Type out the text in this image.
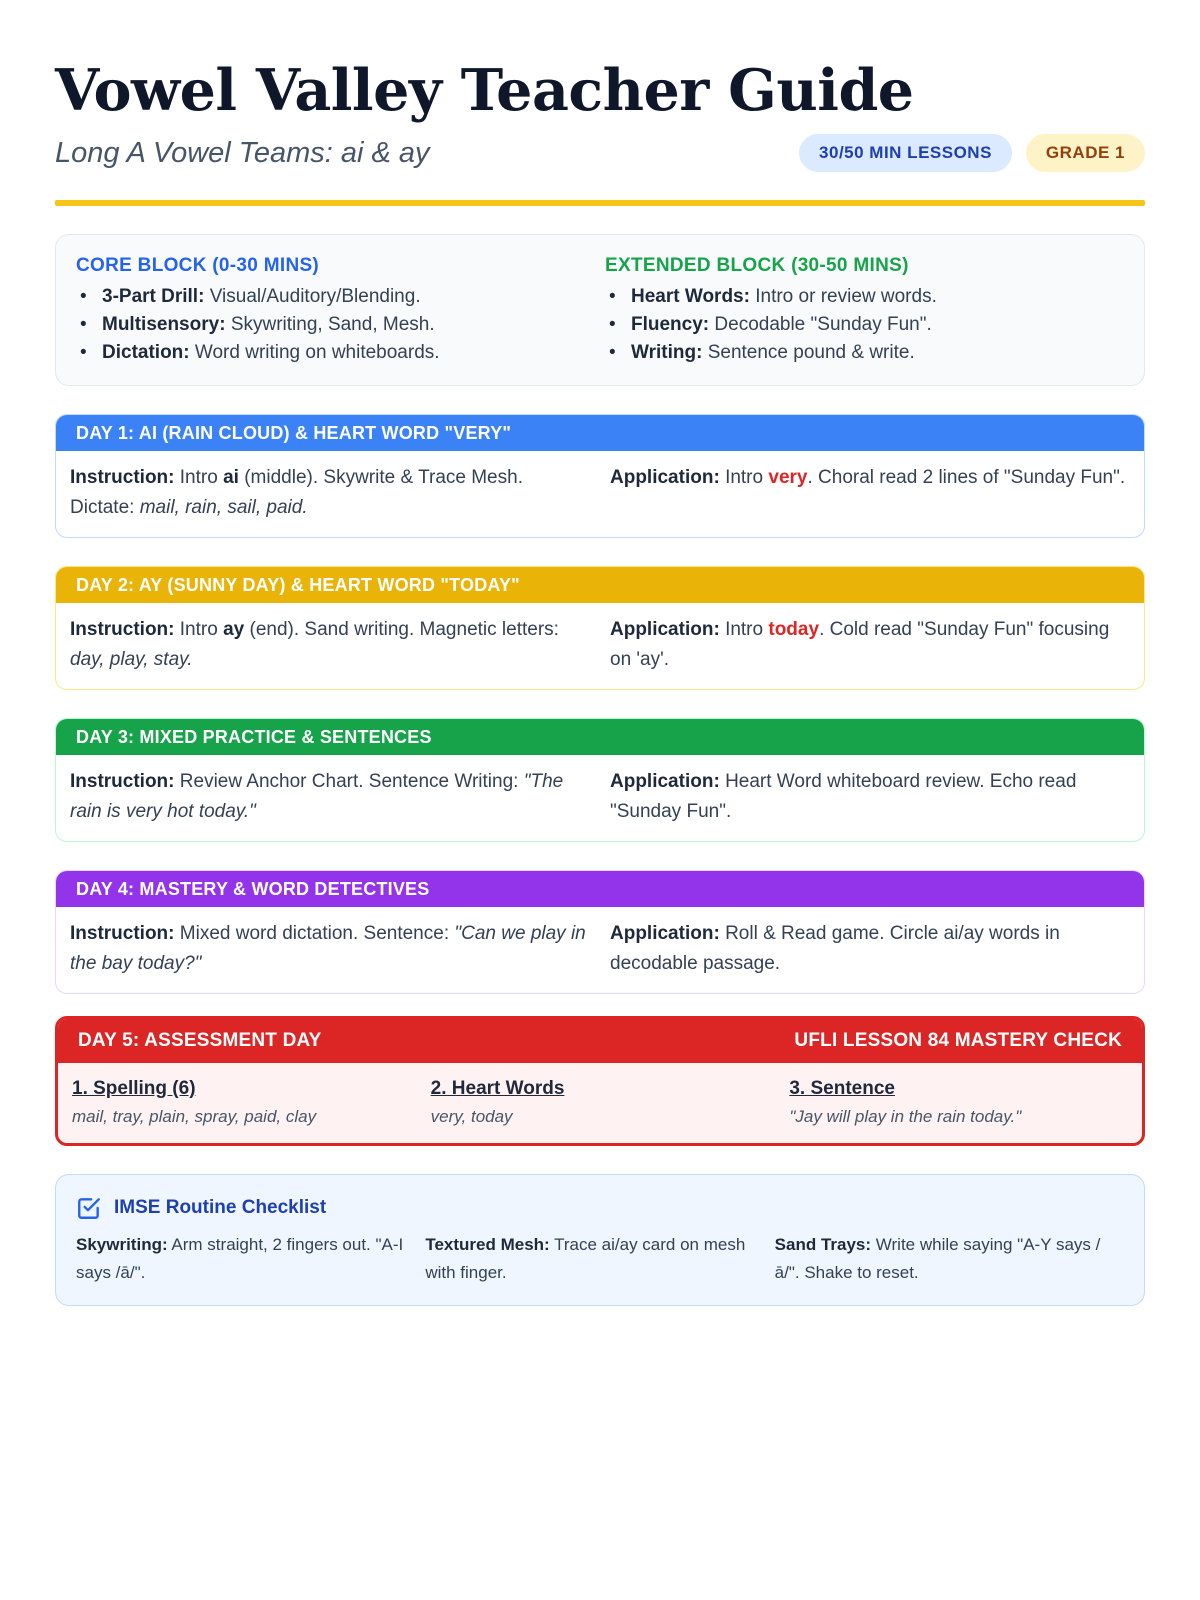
Vowel Valley Teacher Guide
Long A Vowel Teams: ai & ay	30/50 MIN LESSONS	GRADE 1
CORE BLOCK (0-30 MINS)
• 3-Part Drill: Visual/Auditory/Blending.
• Multisensory: Skywriting, Sand, Mesh.
• Dictation: Word writing on whiteboards.
EXTENDED BLOCK (30-50 MINS)
• Heart Words: Intro or review words.
• Fluency: Decodable "Sunday Fun".
• Writing: Sentence pound & write.
DAY 1: AI (RAIN CLOUD) & HEART WORD "VERY"
Instruction: Intro ai (middle). Skywrite & Trace Mesh. Dictate: mail, rain, sail, paid.
Application: Intro very. Choral read 2 lines of "Sunday Fun".
DAY 2: AY (SUNNY DAY) & HEART WORD "TODAY"
Instruction: Intro ay (end). Sand writing. Magnetic letters: day, play, stay.
Application: Intro today. Cold read "Sunday Fun" focusing on 'ay'.
DAY 3: MIXED PRACTICE & SENTENCES
Instruction: Review Anchor Chart. Sentence Writing: "The rain is very hot today."
Application: Heart Word whiteboard review. Echo read "Sunday Fun".
DAY 4: MASTERY & WORD DETECTIVES
Instruction: Mixed word dictation. Sentence: "Can we play in the bay today?"
Application: Roll & Read game. Circle ai/ay words in decodable passage.
DAY 5: ASSESSMENT DAY	UFLI LESSON 84 MASTERY CHECK
1. Spelling (6)
mail, tray, plain, spray, paid, clay
2. Heart Words
very, today
3. Sentence
"Jay will play in the rain today."
IMSE Routine Checklist
Skywriting: Arm straight, 2 fingers out. "A-I says /ā/".
Textured Mesh: Trace ai/ay card on mesh with finger.
Sand Trays: Write while saying "A-Y says /ā/". Shake to reset.
